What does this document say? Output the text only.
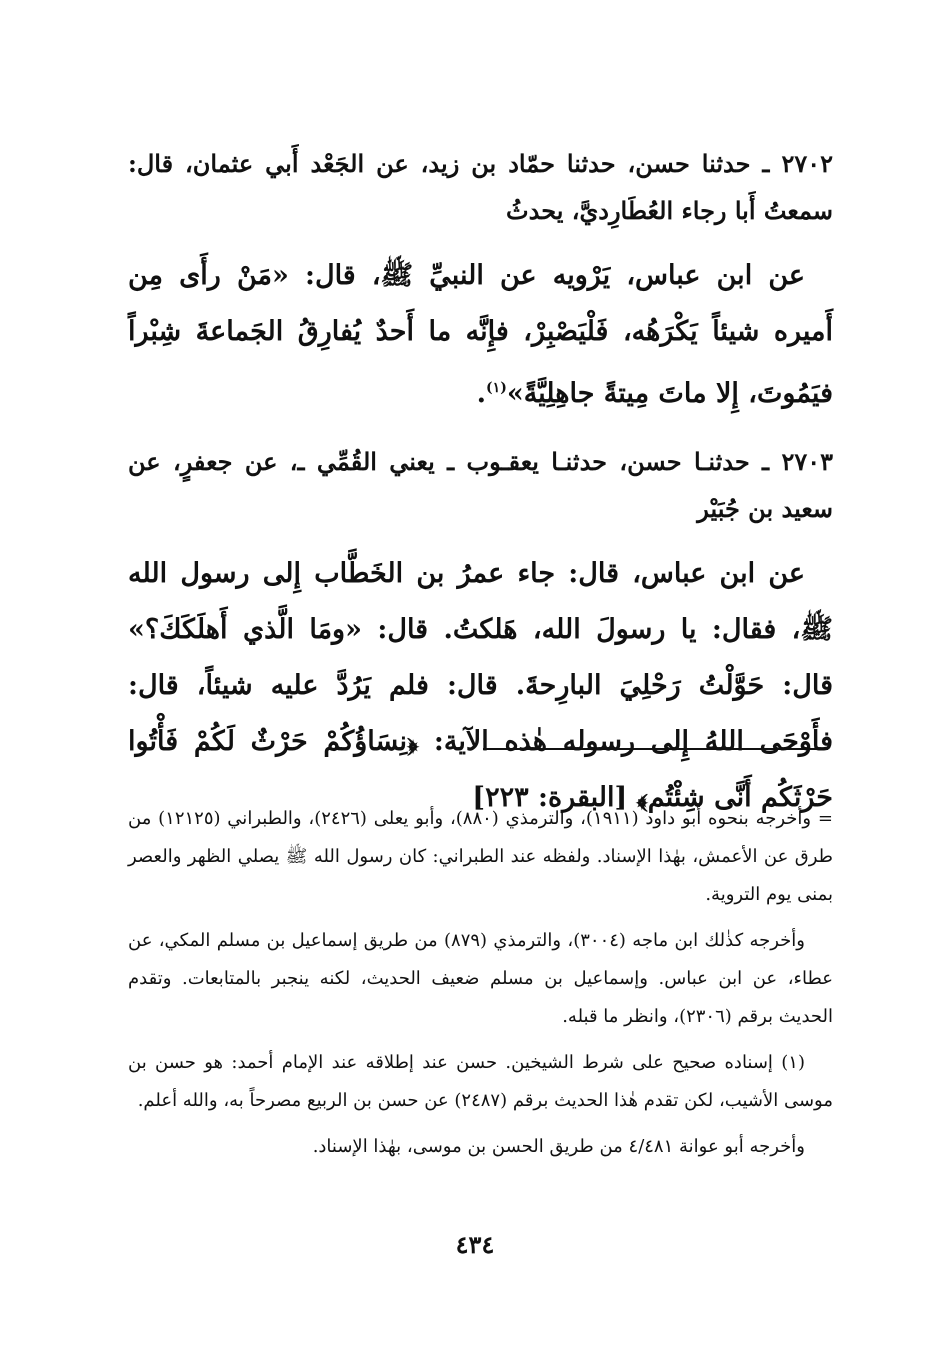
٢٧٠٢ ـ حدثنا حسن، حدثنا حمّاد بن زيد، عن الجَعْد أَبي عثمان، قال: سمعتُ أَبا رجاء العُطَارِديَّ، يحدثُ

عن ابن عباس، يَرْويه عن النبيِّ ﷺ، قال: «مَنْ رأَى مِن أَميره شيئاً يَكْرَهُه، فَلْيَصْبِرْ، فإِنَّه ما أَحدٌ يُفارِقُ الجَماعةَ شِبْراً فيَمُوتَ، إِلا ماتَ مِيتةً جاهِلِيَّةً»$^{(١)}$.

٢٧٠٣ ـ حدثنـا حسن، حدثنـا يعقـوب ـ يعني القُمِّي ـ، عن جعفرٍ، عن سعيد بن جُبَيْر

عن ابن عباس، قال: جاء عمرُ بن الخَطَّاب إِلى رسول الله ﷺ، فقال: يا رسولَ الله، هَلكتُ. قال: «ومَا الَّذي أَهلَكَكَ؟» قال: حَوَّلْتُ رَحْلِيَ البارِحةَ. قال: فلم يَرُدَّ عليه شيئاً، قال: فأَوْحَى اللهُ إِلى رسوله هٰذه الآية: ﴿نِسَاؤُكُمْ حَرْثٌ لَكُمْ فَأْتُوا حَرْثَكُم أَنَّى شِئْتُم﴾ [البقرة: ٢٢٣]

= وأخرجه بنحوه أبو داود (١٩١١)، والترمذي (٨٨٠)، وأبو يعلى (٢٤٢٦)، والطبراني (١٢١٢٥) من طرق عن الأعمش، بهٰذا الإسناد. ولفظه عند الطبراني: كان رسول الله ﷺ يصلي الظهر والعصر بمنى يوم التروية.

وأخرجه كذٰلك ابن ماجه (٣٠٠٤)، والترمذي (٨٧٩) من طريق إسماعيل بن مسلم المكي، عن عطاء، عن ابن عباس. وإسماعيل بن مسلم ضعيف الحديث، لكنه ينجبر بالمتابعات. وتقدم الحديث برقم (٢٣٠٦)، وانظر ما قبله.

(١) إسناده صحيح على شرط الشيخين. حسن عند إطلاقه عند الإمام أحمد: هو حسن بن موسى الأشيب، لكن تقدم هٰذا الحديث برقم (٢٤٨٧) عن حسن بن الربيع مصرحاً به، والله أعلم.

وأخرجه أبو عوانة ٤/٤٨١ من طريق الحسن بن موسى، بهٰذا الإسناد.

٤٣٤
